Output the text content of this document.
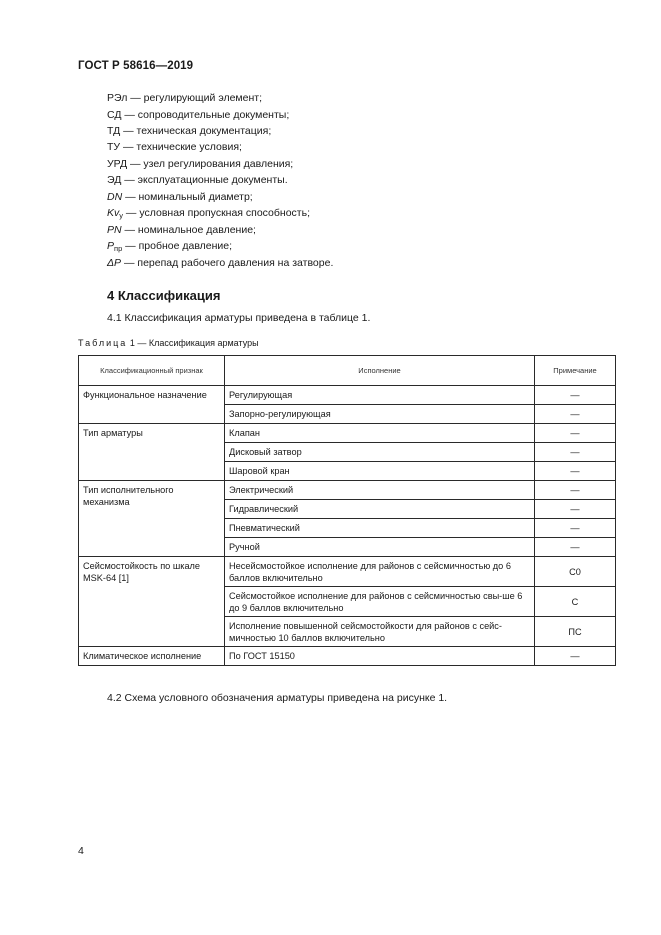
ГОСТ Р 58616—2019
РЭл — регулирующий элемент;
СД — сопроводительные документы;
ТД — техническая документация;
ТУ — технические условия;
УРД — узел регулирования давления;
ЭД — эксплуатационные документы.
DN — номинальный диаметр;
$Kv_y$ — условная пропускная способность;
PN — номинальное давление;
$P_{пр}$ — пробное давление;
ΔP — перепад рабочего давления на затворе.
4 Классификация
4.1 Классификация арматуры приведена в таблице 1.
Таблица 1 — Классификация арматуры
Классификационный признак	Исполнение	Примечание
Функциональное назначение	Регулирующая	—
	Запорно-регулирующая	—
Тип арматуры	Клапан	—
	Дисковый затвор	—
	Шаровой кран	—
Тип исполнительного механизма	Электрический	—
	Гидравлический	—
	Пневматический	—
	Ручной	—
Сейсмостойкость по шкале MSK-64 [1]	Несейсмостойкое исполнение для районов с сейсмичностью до 6 баллов включительно	С0
	Сейсмостойкое исполнение для районов с сейсмичностью свы-ше 6 до 9 баллов включительно	С
	Исполнение повышенной сейсмостойкости для районов с сейс-мичностью 10 баллов включительно	ПС
Климатическое исполнение	По ГОСТ 15150	—
4.2 Схема условного обозначения арматуры приведена на рисунке 1.
4
